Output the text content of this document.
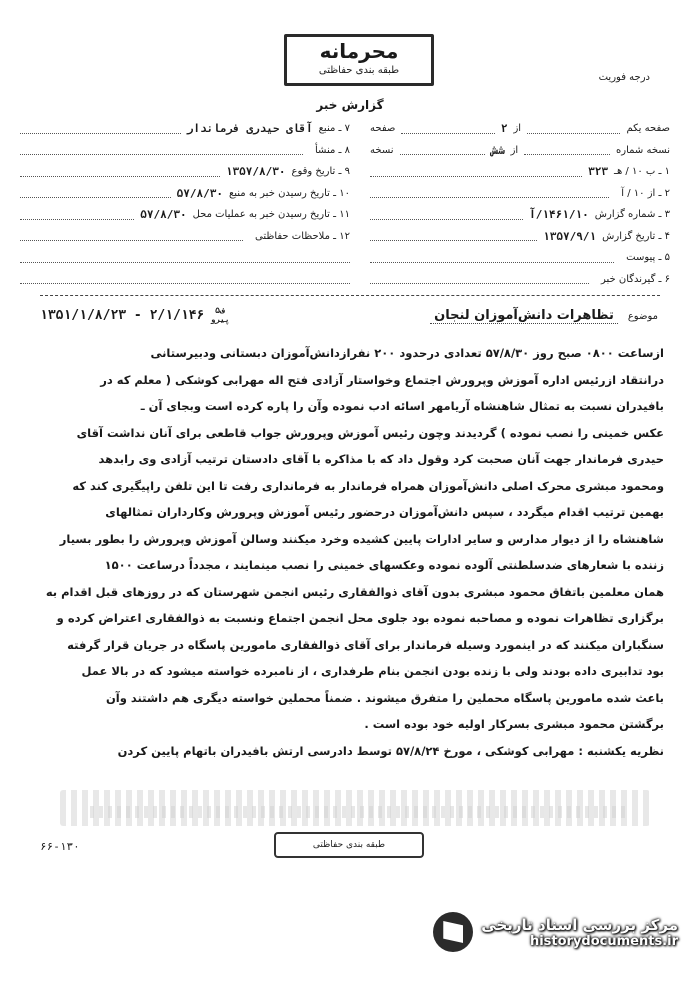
محرمانه
طبقه بندی حفاظتی
درجه فوریت
گزارش خبر
صفحه یکم
از
۲
صفحه
نسخه شماره
از
شش
نسخه
۱ ـ ب ۱۰ / هـ
۳۲۳
۲ ـ از ۱۰ / آ
۳ ـ شماره گزارش
۱۴۶۱/۱۰/آ
۴ ـ تاریخ گزارش
۱۳۵۷/۹/۱
۵ ـ پیوست
۶ ـ گیرندگان خبر
۷ ـ منبع
آقای حیدری فرماندار
۸ ـ منشأ
۹ ـ تاریخ وقوع
۱۳۵۷/۸/۳۰
۱۰ ـ تاریخ رسیدن خبر به منبع
۵۷/۸/۳۰
۱۱ ـ تاریخ رسیدن خبر به عملیات محل
۵۷/۸/۳۰
۱۲ ـ ملاحظات حفاظتی
موضوع
تظاهرات دانش‌آموزان لنجان
۱۳۵۱/۱/۸/۲۳ - ۲/۱/۱۴۶	۵ف
پیرو

ازساعت ۰۸۰۰ صبح روز ۵۷/۸/۳۰ تعدادی درحدود ۲۰۰ نفرازدانش‌آموزان دبستانی ودبیرستانی

درانتقاد ازرئیس اداره آموزش وپرورش اجتماع وخواستار آزادی فتح اله مهرابی کوشکی ( معلم که در

بافیدران نسبت به تمثال شاهنشاه آریامهر اسائه ادب نموده وآن را پاره کرده است وبجای آن ـ

عکس خمینی را نصب نموده ) گردیدند وچون رئیس آموزش وپرورش جواب قاطعی برای آنان نداشت آقای

حیدری فرماندار جهت آنان صحبت کرد وقول داد که با مذاکره با آقای دادستان ترتیب آزادی وی رابدهد

ومحمود مبشری محرک اصلی دانش‌آموزان همراه فرماندار به فرمانداری رفت تا این تلفن راپیگیری کند که

بهمین ترتیب اقدام میگردد ، سپس دانش‌آموزان درحضور رئیس آموزش وپرورش وکارداران تمثالهای

شاهنشاه را از دیوار مدارس و سایر ادارات پایین کشیده وخرد میکنند وسالن آموزش وپرورش را بطور بسیار

زننده با شعارهای ضدسلطنتی آلوده نموده وعکسهای خمینی را نصب مینمایند ، مجدداً درساعت ۱۵۰۰

همان معلمین باتفاق محمود مبشری بدون آقای ذوالفقاری رئیس انجمن شهرستان که در روزهای قبل اقدام به

برگزاری تظاهرات نموده و مصاحبه نموده بود جلوی محل انجمن اجتماع ونسبت به ذوالفقاری اعتراض کرده و

سنگباران میکنند که در اینمورد وسیله فرماندار برای آقای ذوالفقاری مامورین پاسگاه در جریان قرار گرفته

بود تدابیری داده بودند ولی با زنده بودن انجمن بنام طرفداری ، از نامبرده خواسته میشود که در بالا عمل

باعث شده مامورین پاسگاه محملین را متفرق میشوند . ضمناً محملین خواسته دیگری هم داشتند وآن

برگشتن محمود مبشری بسرکار اولیه خود بوده است .

نظریه یکشنبه : مهرابی کوشکی ، مورخ ۵۷/۸/۲۴ توسط دادرسی ارتش بافیدران باتهام پایین کردن

طبقه بندی حفاظتی
۶۶-۱۳۰
مرکز بررسی اسناد تاریخی
historydocuments.ir
